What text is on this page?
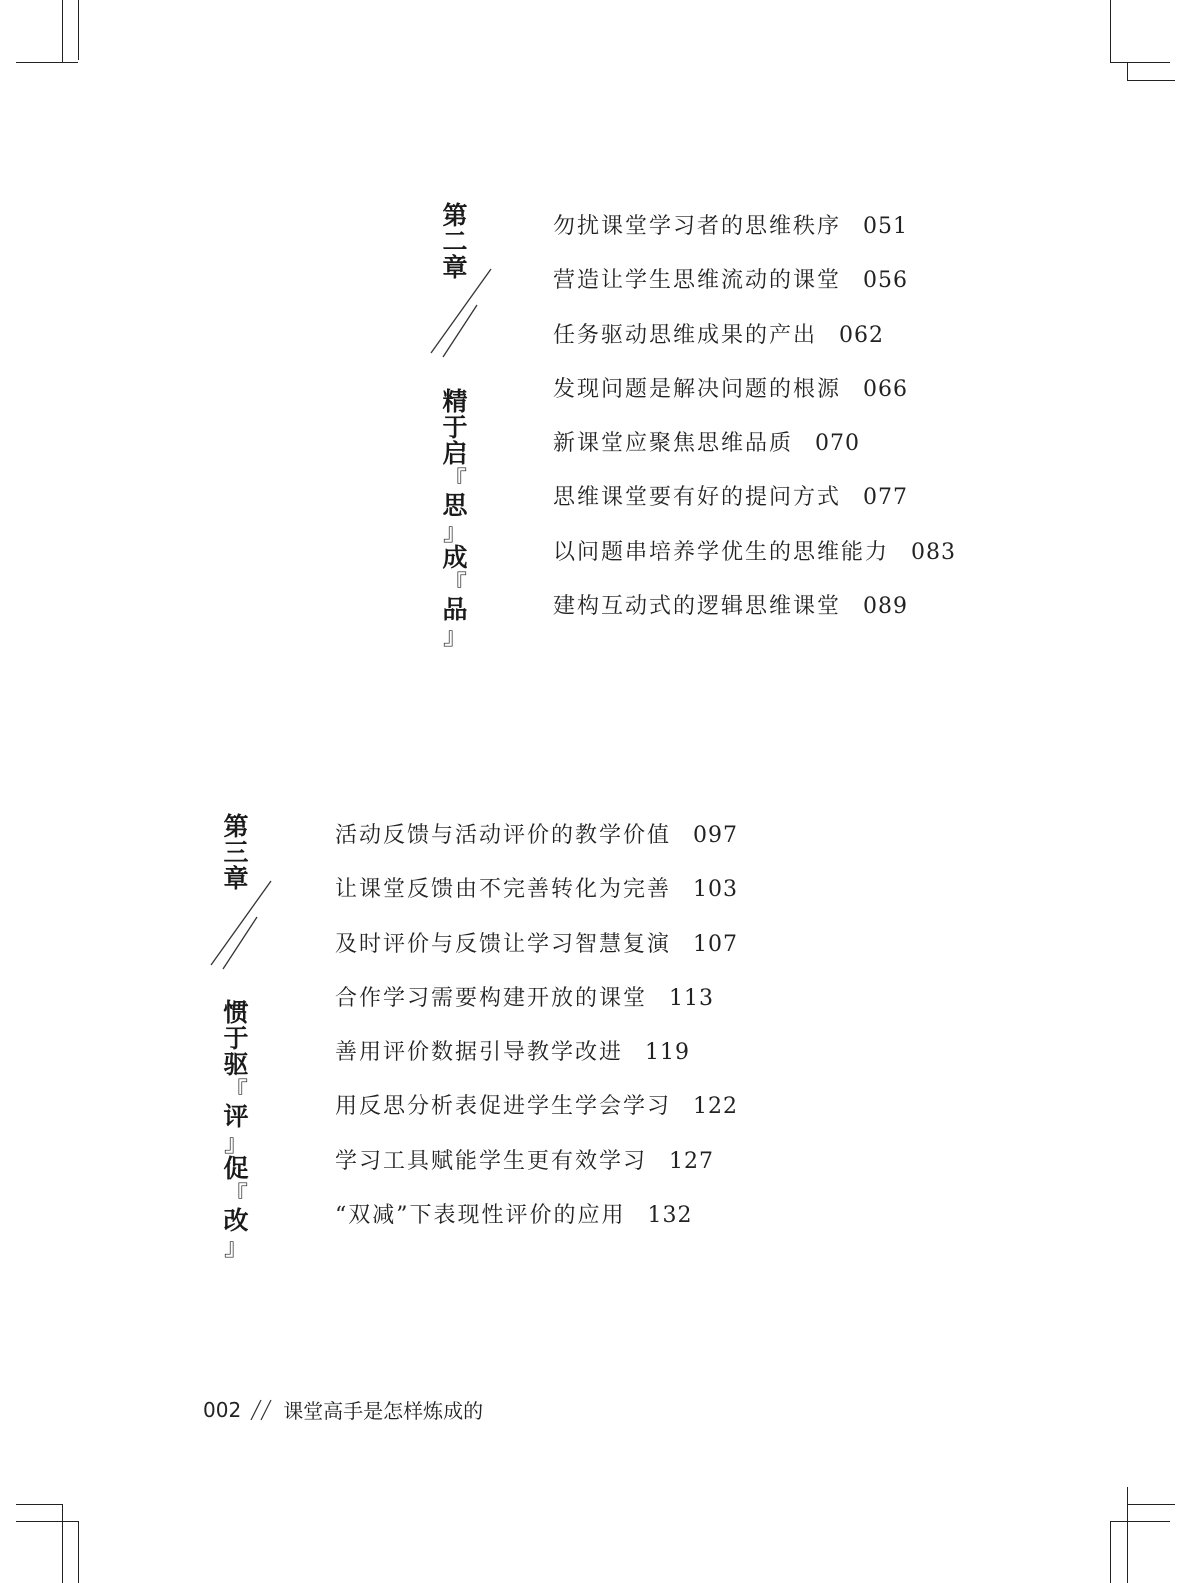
第
二
章
精
于
启
『
思
』
成
『
品
』
勿扰课堂学习者的思维秩序 051
营造让学生思维流动的课堂 056
任务驱动思维成果的产出 062
发现问题是解决问题的根源 066
新课堂应聚焦思维品质 070
思维课堂要有好的提问方式 077
以问题串培养学优生的思维能力 083
建构互动式的逻辑思维课堂 089
第
三
章
惯
于
驱
『
评
』
促
『
改
』
活动反馈与活动评价的教学价值 097
让课堂反馈由不完善转化为完善 103
及时评价与反馈让学习智慧复演 107
合作学习需要构建开放的课堂 113
善用评价数据引导教学改进 119
用反思分析表促进学生学会学习 122
学习工具赋能学生更有效学习 127
“双减”下表现性评价的应用 132
002 课堂高手是怎样炼成的
